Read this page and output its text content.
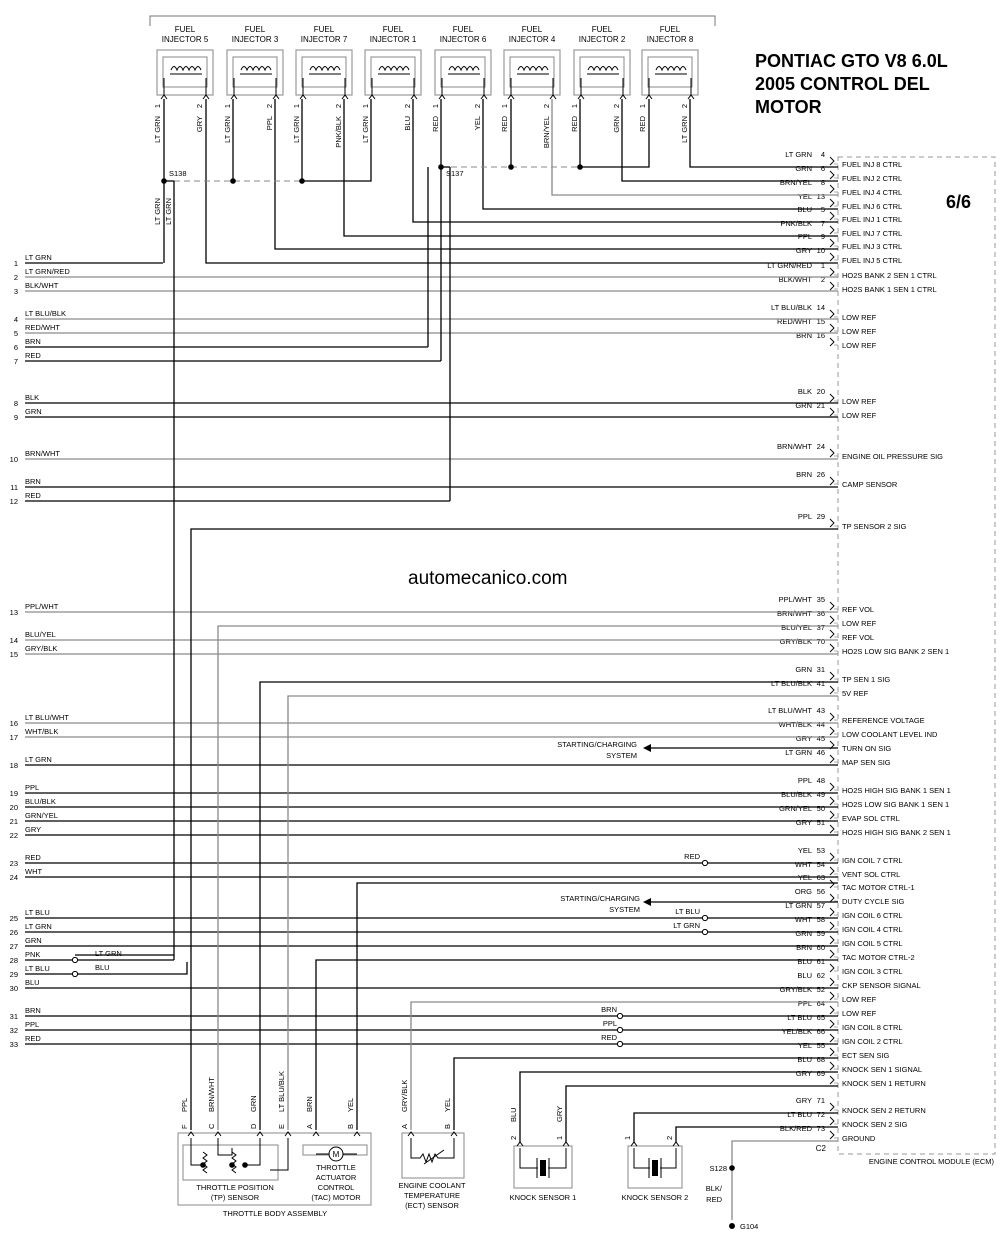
FUEL
INJECTOR 5
1
LT GRN
2
GRY
FUEL
INJECTOR 3
1
LT GRN
2
PPL
FUEL
INJECTOR 7
1
LT GRN
2
PNK/BLK
FUEL
INJECTOR 1
1
LT GRN
2
BLU
FUEL
INJECTOR 6
1
RED
2
YEL
FUEL
INJECTOR 4
1
RED
2
BRN/YEL
FUEL
INJECTOR 2
1
RED
2
GRN
FUEL
INJECTOR 8
1
RED
2
LT GRN
ENGINE CONTROL MODULE (ECM)
C2
4
LT GRN
FUEL INJ 8 CTRL
6
GRN
FUEL INJ 2 CTRL
8
BRN/YEL
FUEL INJ 4 CTRL
13
YEL
FUEL INJ 6 CTRL
5
BLU
FUEL INJ 1 CTRL
7
PNK/BLK
FUEL INJ 7 CTRL
9
PPL
FUEL INJ 3 CTRL
10
GRY
FUEL INJ 5 CTRL
1
LT GRN/RED
HO2S BANK 2 SEN 1 CTRL
2
BLK/WHT
HO2S BANK 1 SEN 1 CTRL
14
LT BLU/BLK
LOW REF
15
RED/WHT
LOW REF
16
BRN
LOW REF
20
BLK
LOW REF
21
GRN
LOW REF
24
BRN/WHT
ENGINE OIL PRESSURE SIG
26
BRN
CAMP SENSOR
29
PPL
TP SENSOR 2 SIG
35
PPL/WHT
REF VOL
36
BRN/WHT
LOW REF
37
BLU/YEL
REF VOL
70
GRY/BLK
HO2S LOW SIG BANK 2 SEN 1
31
GRN
TP SEN 1 SIG
41
LT BLU/BLK
5V REF
43
LT BLU/WHT
REFERENCE VOLTAGE
44
WHT/BLK
LOW COOLANT LEVEL IND
45
GRY
TURN ON SIG
46
LT GRN
MAP SEN SIG
48
PPL
HO2S HIGH SIG BANK 1 SEN 1
49
BLU/BLK
HO2S LOW SIG BANK 1 SEN 1
50
GRN/YEL
EVAP SOL CTRL
51
GRY
HO2S HIGH SIG BANK 2 SEN 1
53
YEL
IGN COIL 7 CTRL
54
WHT
VENT SOL CTRL
63
YEL
TAC MOTOR CTRL-1
56
ORG
DUTY CYCLE SIG
57
LT GRN
IGN COIL 6 CTRL
58
WHT
IGN COIL 4 CTRL
59
GRN
IGN COIL 5 CTRL
60
BRN
TAC MOTOR CTRL-2
61
BLU
IGN COIL 3 CTRL
62
BLU
CKP SENSOR SIGNAL
52
GRY/BLK
LOW REF
64
PPL
LOW REF
65
LT BLU
IGN COIL 8 CTRL
66
YEL/BLK
IGN COIL 2 CTRL
55
YEL
ECT SEN SIG
68
BLU
KNOCK SEN 1 SIGNAL
69
GRY
KNOCK SEN 1 RETURN
71
GRY
KNOCK SEN 2 RETURN
72
LT BLU
KNOCK SEN 2 SIG
73
BLK/RED
GROUND
1
LT GRN
2
LT GRN/RED
3
BLK/WHT
4
LT BLU/BLK
5
RED/WHT
6
BRN
7
RED
8
BLK
9
GRN
10
BRN/WHT
11
BRN
12
RED
13
PPL/WHT
14
BLU/YEL
15
GRY/BLK
16
LT BLU/WHT
17
WHT/BLK
18
LT GRN
19
PPL
20
BLU/BLK
21
GRN/YEL
22
GRY
23
RED
24
WHT
25
LT BLU
26
LT GRN
27
GRN
28
PNK
29
LT BLU
30
BLU
31
BRN
32
PPL
33
RED
F
PPL
C
BRN/WHT
D
GRN
E
LT BLU/BLK
A
BRN
B
YEL
THROTTLE POSITION
(TP) SENSOR
M
THROTTLE
ACTUATOR
CONTROL
(TAC) MOTOR
THROTTLE BODY ASSEMBLY
A
GRY/BLK
B
YEL
ENGINE COOLANT
TEMPERATURE
(ECT) SENSOR
2
BLU
1
GRY
KNOCK SENSOR 1
1	2
KNOCK SENSOR 2
S138	S137
LT GRN LT GRN
STARTING/CHARGING
SYSTEM
STARTING/CHARGING
SYSTEM
RED
LT BLU
LT GRN
BRN
PPL
RED
LT GRN
BLU
S128
BLK/
RED
G104
PONTIAC GTO V8 6.0L
2005 CONTROL DEL
MOTOR
6/6
automecanico.com
